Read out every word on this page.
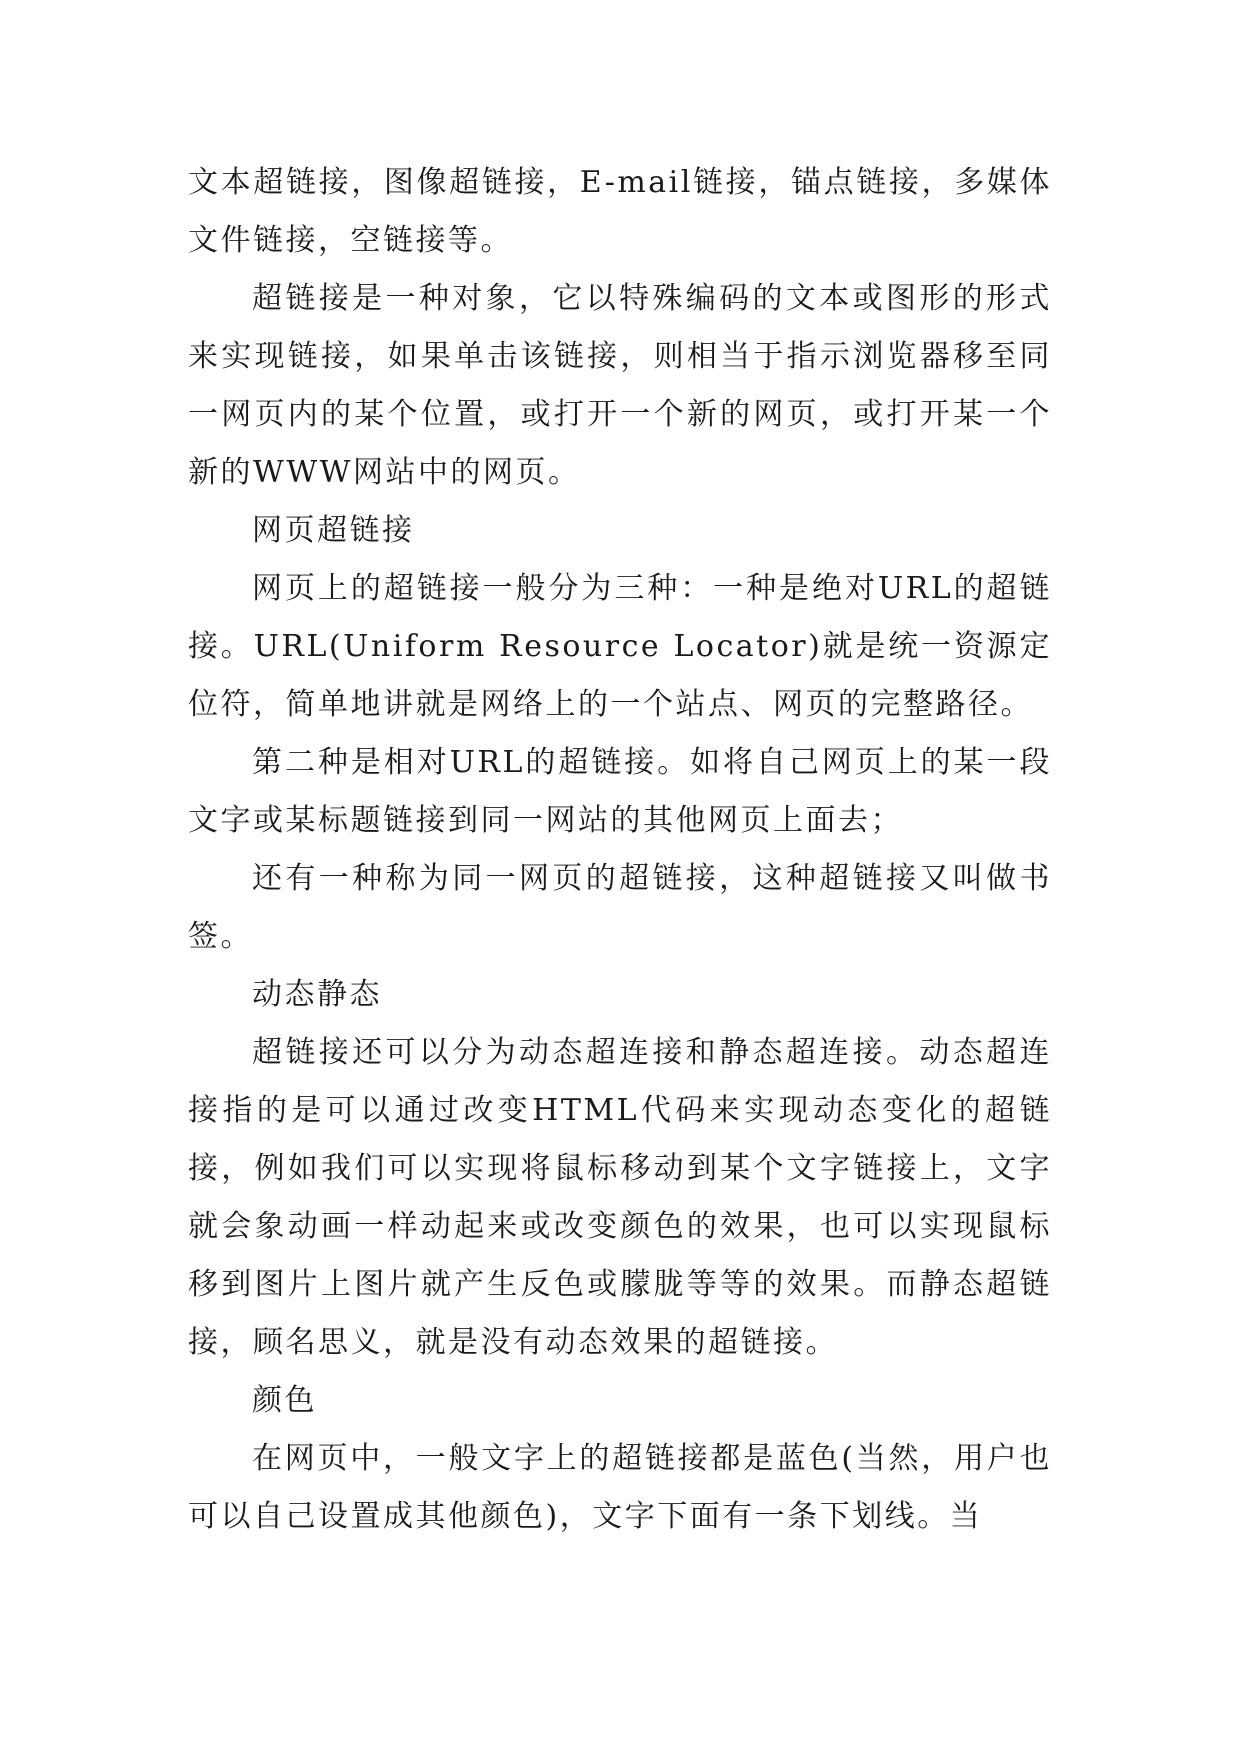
文本超链接，图像超链接，E-mail链接，锚点链接，多媒体文件链接，空链接等。

超链接是一种对象，它以特殊编码的文本或图形的形式来实现链接，如果单击该链接，则相当于指示浏览器移至同一网页内的某个位置，或打开一个新的网页，或打开某一个新的WWW网站中的网页。

网页超链接

网页上的超链接一般分为三种：一种是绝对URL的超链接。URL(Uniform Resource Locator)就是统一资源定位符，简单地讲就是网络上的一个站点、网页的完整路径。

第二种是相对URL的超链接。如将自己网页上的某一段文字或某标题链接到同一网站的其他网页上面去；

还有一种称为同一网页的超链接，这种超链接又叫做书签。

动态静态

超链接还可以分为动态超连接和静态超连接。动态超连接指的是可以通过改变HTML代码来实现动态变化的超链接，例如我们可以实现将鼠标移动到某个文字链接上，文字就会象动画一样动起来或改变颜色的效果，也可以实现鼠标移到图片上图片就产生反色或朦胧等等的效果。而静态超链接，顾名思义，就是没有动态效果的超链接。

颜色

在网页中，一般文字上的超链接都是蓝色(当然，用户也可以自己设置成其他颜色)，文字下面有一条下划线。当
